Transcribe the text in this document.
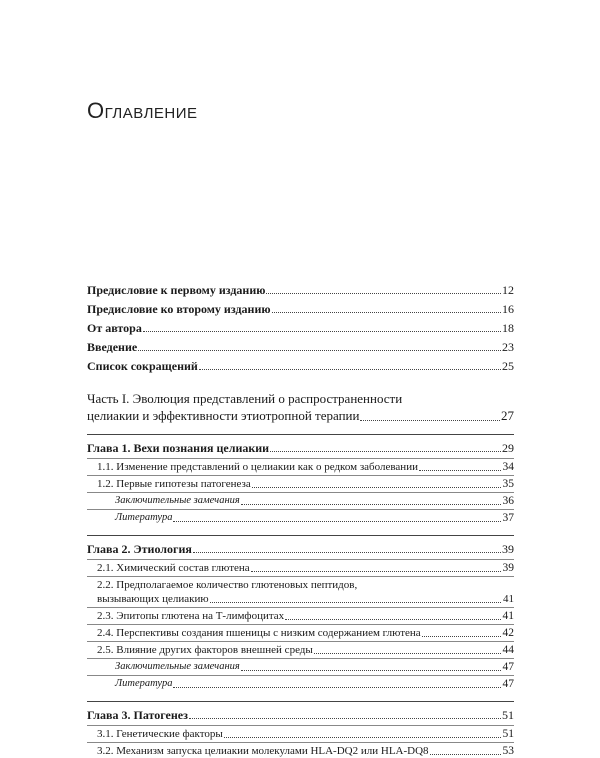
Оглавление
Предисловие к первому изданию	12
Предисловие ко второму изданию	16
От автора	18
Введение	23
Список сокращений	25
Часть I. Эволюция представлений о распространенности
целиакии и эффективности этиотропной терапии	27
Глава 1. Вехи познания целиакии	29
1.1. Изменение представлений о целиакии как о редком заболевании	34
1.2. Первые гипотезы патогенеза	35
Заключительные замечания	36
Литература	37
Глава 2. Этиология	39
2.1. Химический состав глютена	39
2.2. Предполагаемое количество глютеновых пептидов,
вызывающих целиакию	41
2.3. Эпитопы глютена на Т-лимфоцитах	41
2.4. Перспективы создания пшеницы с низким содержанием глютена	42
2.5. Влияние других факторов внешней среды	44
Заключительные замечания	47
Литература	47
Глава 3. Патогенез	51
3.1. Генетические факторы	51
3.2. Механизм запуска целиакии молекулами HLA-DQ2 или HLA-DQ8	53
